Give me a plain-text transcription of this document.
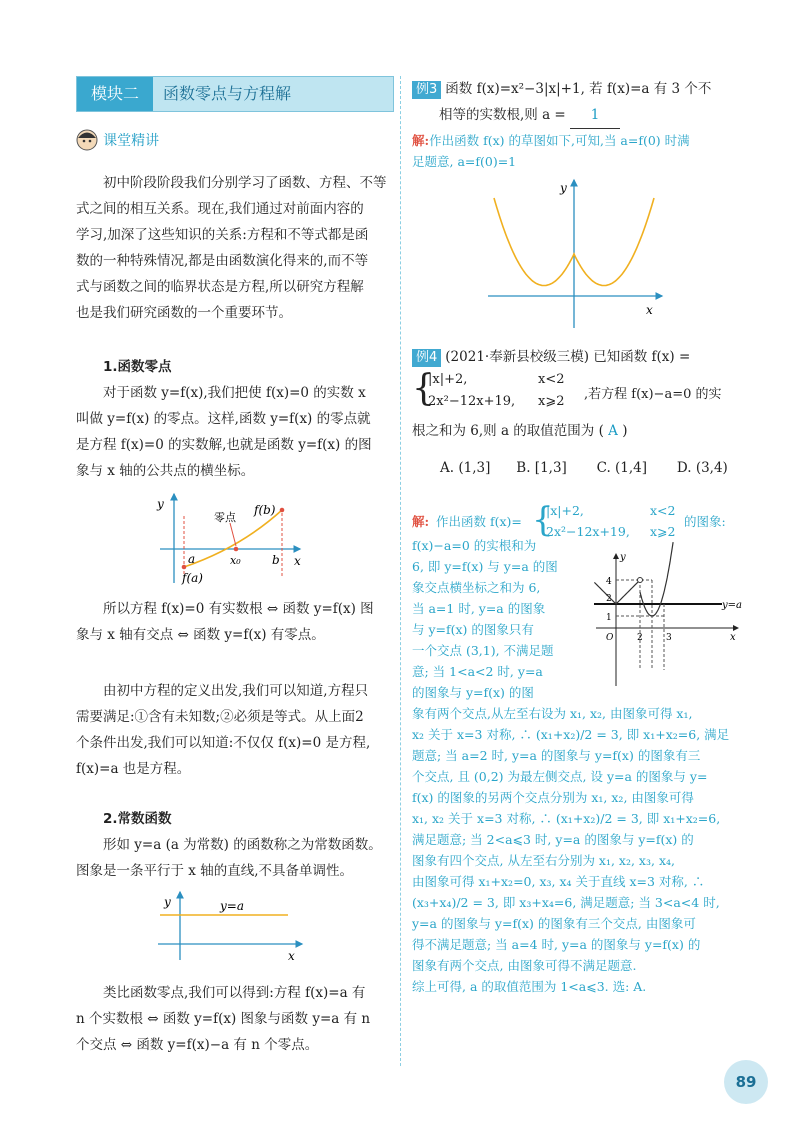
模块二	函数零点与方程解
课堂精讲
初中阶段阶段我们分别学习了函数、方程、不等
式之间的相互关系。现在,我们通过对前面内容的
学习,加深了这些知识的关系:方程和不等式都是函
数的一种特殊情况,都是由函数演化得来的,而不等
式与函数之间的临界状态是方程,所以研究方程解
也是我们研究函数的一个重要环节。
1.函数零点
对于函数 y=f(x),我们把使 f(x)=0 的实数 x
叫做 y=f(x) 的零点。这样,函数 y=f(x) 的零点就
是方程 f(x)=0 的实数解,也就是函数 y=f(x) 的图
象与 x 轴的公共点的横坐标。
y
x
a	b
x₀
f(a)
f(b)
零点
所以方程 f(x)=0 有实数根 ⇔ 函数 y=f(x) 图
象与 x 轴有交点 ⇔ 函数 y=f(x) 有零点。
由初中方程的定义出发,我们可以知道,方程只
需要满足:①含有未知数;②必须是等式。从上面2
个条件出发,我们可以知道:不仅仅 f(x)=0 是方程,
f(x)=a 也是方程。
2.常数函数
形如 y=a (a 为常数) 的函数称之为常数函数。
图象是一条平行于 x 轴的直线,不具备单调性。
y
x
y=a
类比函数零点,我们可以得到:方程 f(x)=a 有
n 个实数根 ⇔ 函数 y=f(x) 图象与函数 y=a 有 n
个交点 ⇔ 函数 y=f(x)−a 有 n 个零点。
例3 函数 f(x)=x²−3|x|+1, 若 f(x)=a 有 3 个不
相等的实数根,则 a = 1
解:作出函数 f(x) 的草图如下,可知,当 a=f(0) 时满
足题意, a=f(0)=1
y
x
例4 (2021·奉新县校级三模) 已知函数 f(x) =
{
|x|+2,	x<2
2x²−12x+19, x⩾2 ,若方程 f(x)−a=0 的实
根之和为 6,则 a 的取值范围为 ( A )
A. (1,3] B. [1,3] C. (1,4] D. (3,4)
解: 作出函数 f(x)= {
|x|+2,	x<2
2x²−12x+19, x⩾2
的图象:
f(x)−a=0 的实根和为
6, 即 y=f(x) 与 y=a 的图
象交点横坐标之和为 6,
当 a=1 时, y=a 的图象
与 y=f(x) 的图象只有
一个交点 (3,1), 不满足题
意; 当 1<a<2 时, y=a
的图象与 y=f(x) 的图
y=a
y
x
4
2
1
O	2	3
象有两个交点,从左至右设为 x₁, x₂, 由图象可得 x₁,
x₂ 关于 x=3 对称, ∴ (x₁+x₂)/2 = 3, 即 x₁+x₂=6, 满足
题意; 当 a=2 时, y=a 的图象与 y=f(x) 的图象有三
个交点, 且 (0,2) 为最左侧交点, 设 y=a 的图象与 y=
f(x) 的图象的另两个交点分别为 x₁, x₂, 由图象可得
x₁, x₂ 关于 x=3 对称, ∴ (x₁+x₂)/2 = 3, 即 x₁+x₂=6,
满足题意; 当 2<a⩽3 时, y=a 的图象与 y=f(x) 的
图象有四个交点, 从左至右分别为 x₁, x₂, x₃, x₄,
由图象可得 x₁+x₂=0, x₃, x₄ 关于直线 x=3 对称, ∴
(x₃+x₄)/2 = 3, 即 x₃+x₄=6, 满足题意; 当 3<a<4 时,
y=a 的图象与 y=f(x) 的图象有三个交点, 由图象可
得不满足题意; 当 a=4 时, y=a 的图象与 y=f(x) 的
图象有两个交点, 由图象可得不满足题意.
综上可得, a 的取值范围为 1<a⩽3. 选: A.
89
